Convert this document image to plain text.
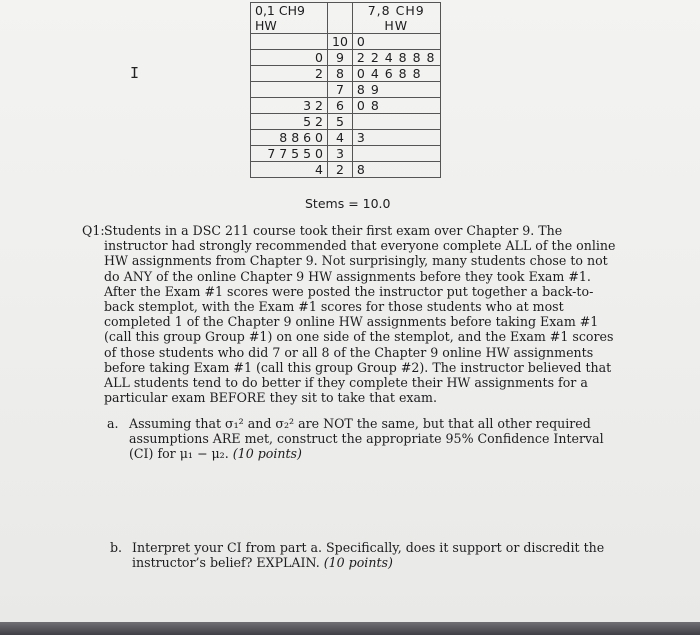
I
0,1 CH9
HW		7,8 CH9
HW

	10	0
0	9	2 2 4 8 8 8
2	8	0 4 6 8 8
	7	8 9
3 2	6	0 8
5 2	5	
8 8 6 0	4	3
7 7 5 5 0	3	
4	2	8
Stems = 10.0
Q1: Students in a DSC 211 course took their first exam over Chapter 9. The instructor had strongly recommended that everyone complete ALL of the online HW assignments from Chapter 9. Not surprisingly, many students chose to not do ANY of the online Chapter 9 HW assignments before they took Exam #1. After the Exam #1 scores were posted the instructor put together a back-to-back stemplot, with the Exam #1 scores for those students who at most completed 1 of the Chapter 9 online HW assignments before taking Exam #1 (call this group Group #1) on one side of the stemplot, and the Exam #1 scores of those students who did 7 or all 8 of the Chapter 9 online HW assignments before taking Exam #1 (call this group Group #2). The instructor believed that ALL students tend to do better if they complete their HW assignments for a particular exam BEFORE they sit to take that exam.
a. Assuming that σ₁² and σ₂² are NOT the same, but that all other required assumptions ARE met, construct the appropriate 95% Confidence Interval (CI) for μ₁ − μ₂. (10 points)
b. Interpret your CI from part a. Specifically, does it support or discredit the instructor’s belief? EXPLAIN. (10 points)
